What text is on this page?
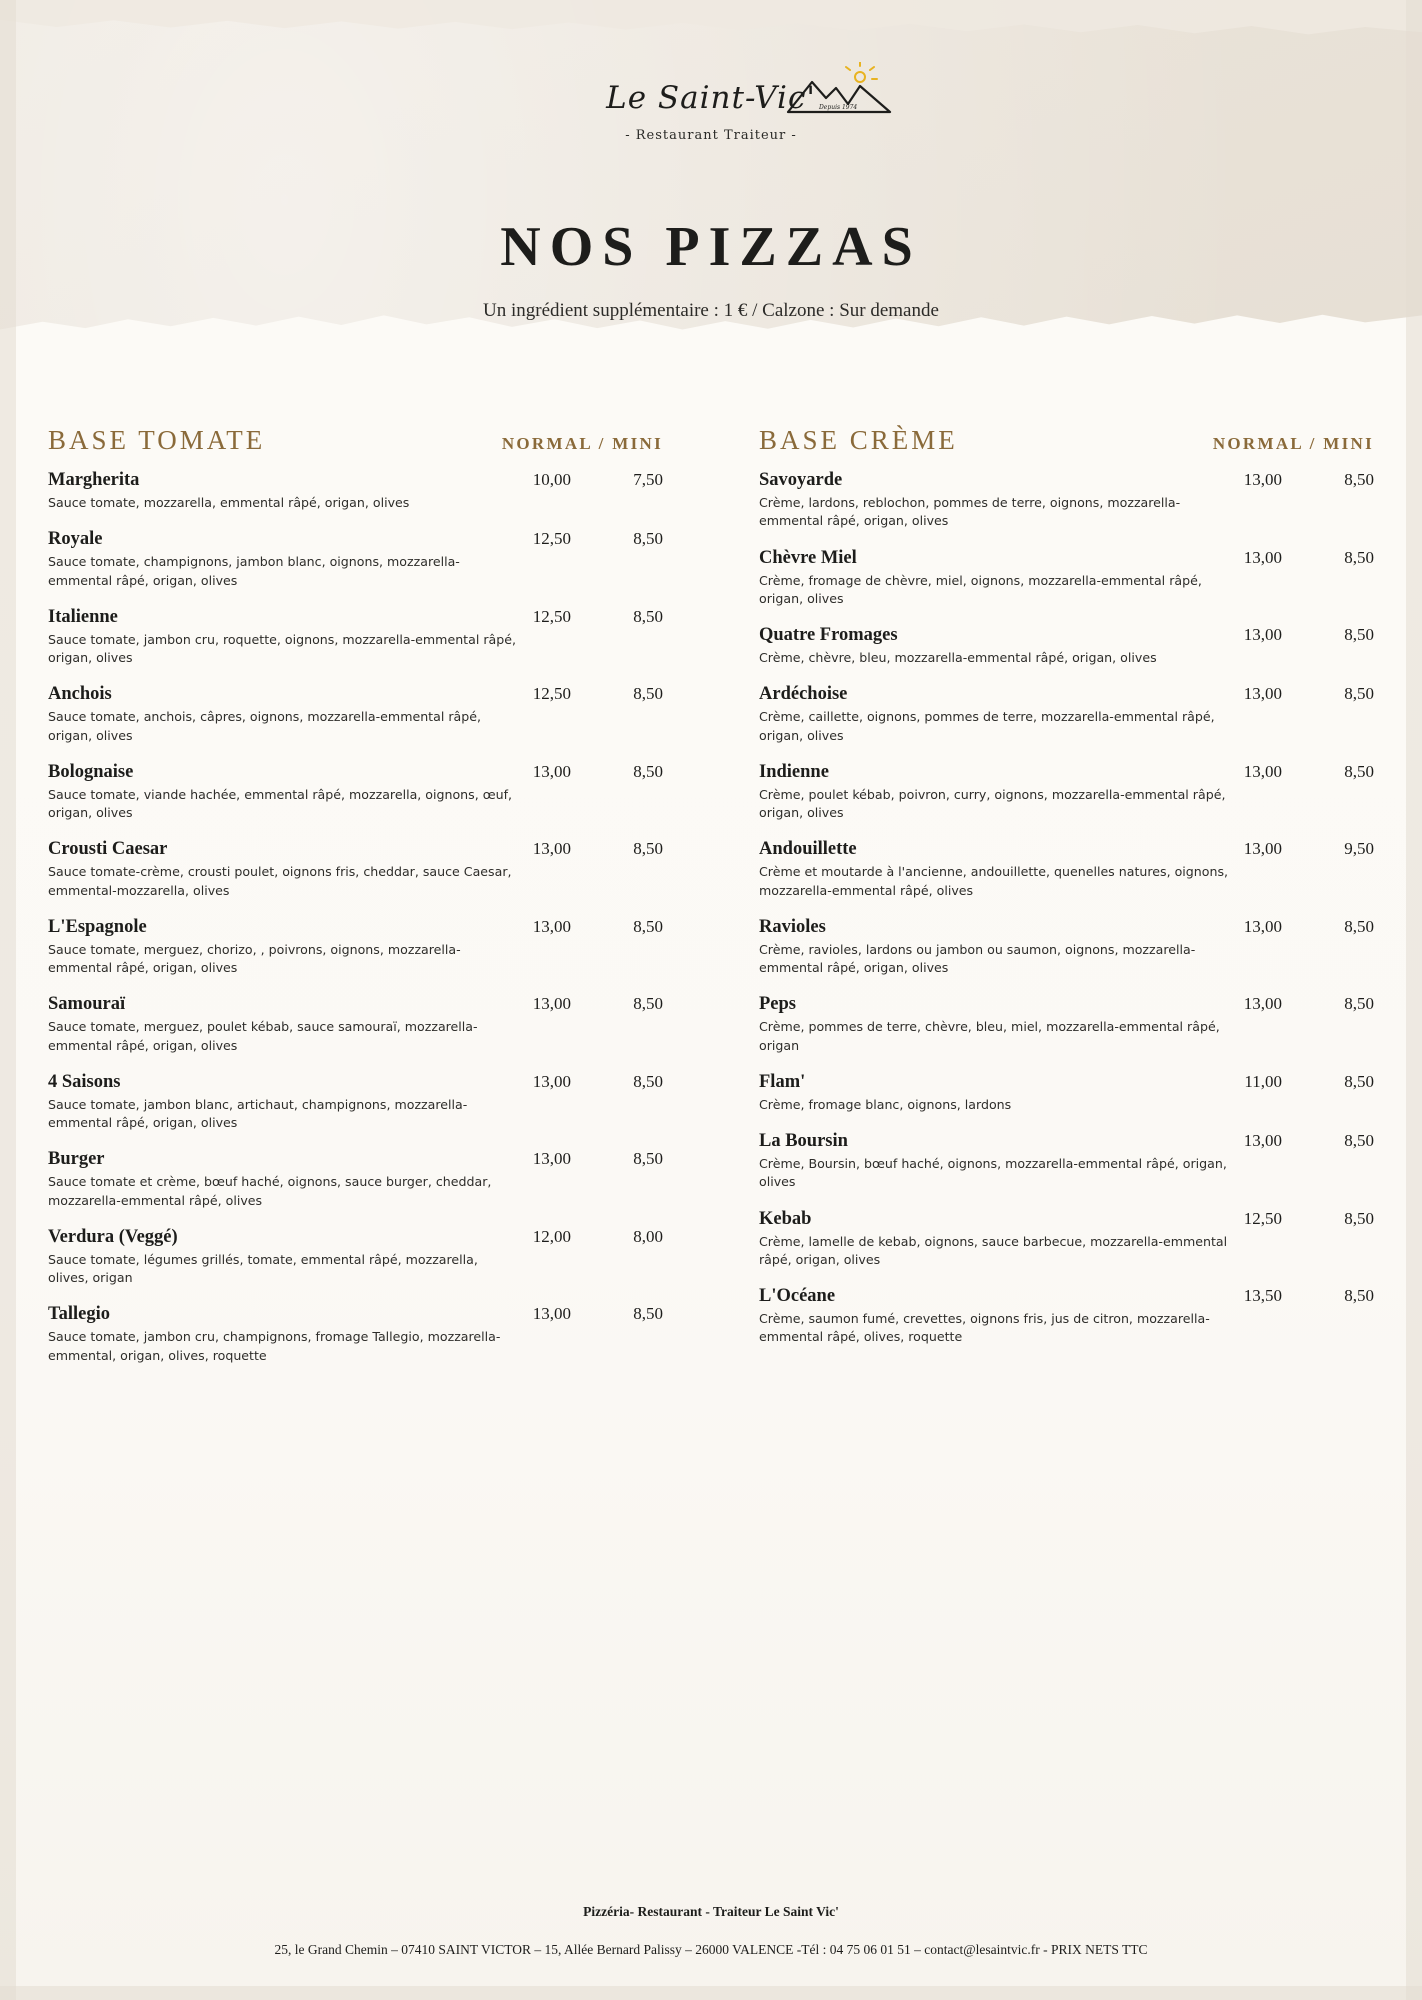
Le Saint-Vic' Depuis 1974
- Restaurant Traiteur -
NOS PIZZAS
Un ingrédient supplémentaire : 1 € / Calzone : Sur demande
BASE TOMATE	NORMAL / MINI
Margherita	10,00	7,50
Sauce tomate, mozzarella, emmental râpé, origan, olives
Royale	12,50	8,50
Sauce tomate, champignons, jambon blanc, oignons, mozzarella-emmental râpé, origan, olives
Italienne	12,50	8,50
Sauce tomate, jambon cru, roquette, oignons, mozzarella-emmental râpé, origan, olives
Anchois	12,50	8,50
Sauce tomate, anchois, câpres, oignons, mozzarella-emmental râpé, origan, olives
Bolognaise	13,00	8,50
Sauce tomate, viande hachée, emmental râpé, mozzarella, oignons, œuf, origan, olives
Crousti Caesar	13,00	8,50
Sauce tomate-crème, crousti poulet, oignons fris, cheddar, sauce Caesar, emmental-mozzarella, olives
L'Espagnole	13,00	8,50
Sauce tomate, merguez, chorizo, , poivrons, oignons, mozzarella-emmental râpé, origan, olives
Samouraï	13,00	8,50
Sauce tomate, merguez, poulet kébab, sauce samouraï, mozzarella-emmental râpé, origan, olives
4 Saisons	13,00	8,50
Sauce tomate, jambon blanc, artichaut, champignons, mozzarella-emmental râpé, origan, olives
Burger	13,00	8,50
Sauce tomate et crème, bœuf haché, oignons, sauce burger, cheddar, mozzarella-emmental râpé, olives
Verdura (Veggé)	12,00	8,00
Sauce tomate, légumes grillés, tomate, emmental râpé, mozzarella, olives, origan
Tallegio	13,00	8,50
Sauce tomate, jambon cru, champignons, fromage Tallegio, mozzarella-emmental, origan, olives, roquette
BASE CRÈME	NORMAL / MINI
Savoyarde	13,00	8,50
Crème, lardons, reblochon, pommes de terre, oignons, mozzarella-emmental râpé, origan, olives
Chèvre Miel	13,00	8,50
Crème, fromage de chèvre, miel, oignons, mozzarella-emmental râpé, origan, olives
Quatre Fromages	13,00	8,50
Crème, chèvre, bleu, mozzarella-emmental râpé, origan, olives
Ardéchoise	13,00	8,50
Crème, caillette, oignons, pommes de terre, mozzarella-emmental râpé, origan, olives
Indienne	13,00	8,50
Crème, poulet kébab, poivron, curry, oignons, mozzarella-emmental râpé, origan, olives
Andouillette	13,00	9,50
Crème et moutarde à l'ancienne, andouillette, quenelles natures, oignons, mozzarella-emmental râpé, olives
Ravioles	13,00	8,50
Crème, ravioles, lardons ou jambon ou saumon, oignons, mozzarella-emmental râpé, origan, olives
Peps	13,00	8,50
Crème, pommes de terre, chèvre, bleu, miel, mozzarella-emmental râpé, origan
Flam'	11,00	8,50
Crème, fromage blanc, oignons, lardons
La Boursin	13,00	8,50
Crème, Boursin, bœuf haché, oignons, mozzarella-emmental râpé, origan, olives
Kebab	12,50	8,50
Crème, lamelle de kebab, oignons, sauce barbecue, mozzarella-emmental râpé, origan, olives
L'Océane	13,50	8,50
Crème, saumon fumé, crevettes, oignons fris, jus de citron, mozzarella-emmental râpé, olives, roquette
Pizzéria- Restaurant - Traiteur Le Saint Vic'
25, le Grand Chemin – 07410 SAINT VICTOR – 15, Allée Bernard Palissy – 26000 VALENCE -Tél : 04 75 06 01 51 – contact@lesaintvic.fr - PRIX NETS TTC
